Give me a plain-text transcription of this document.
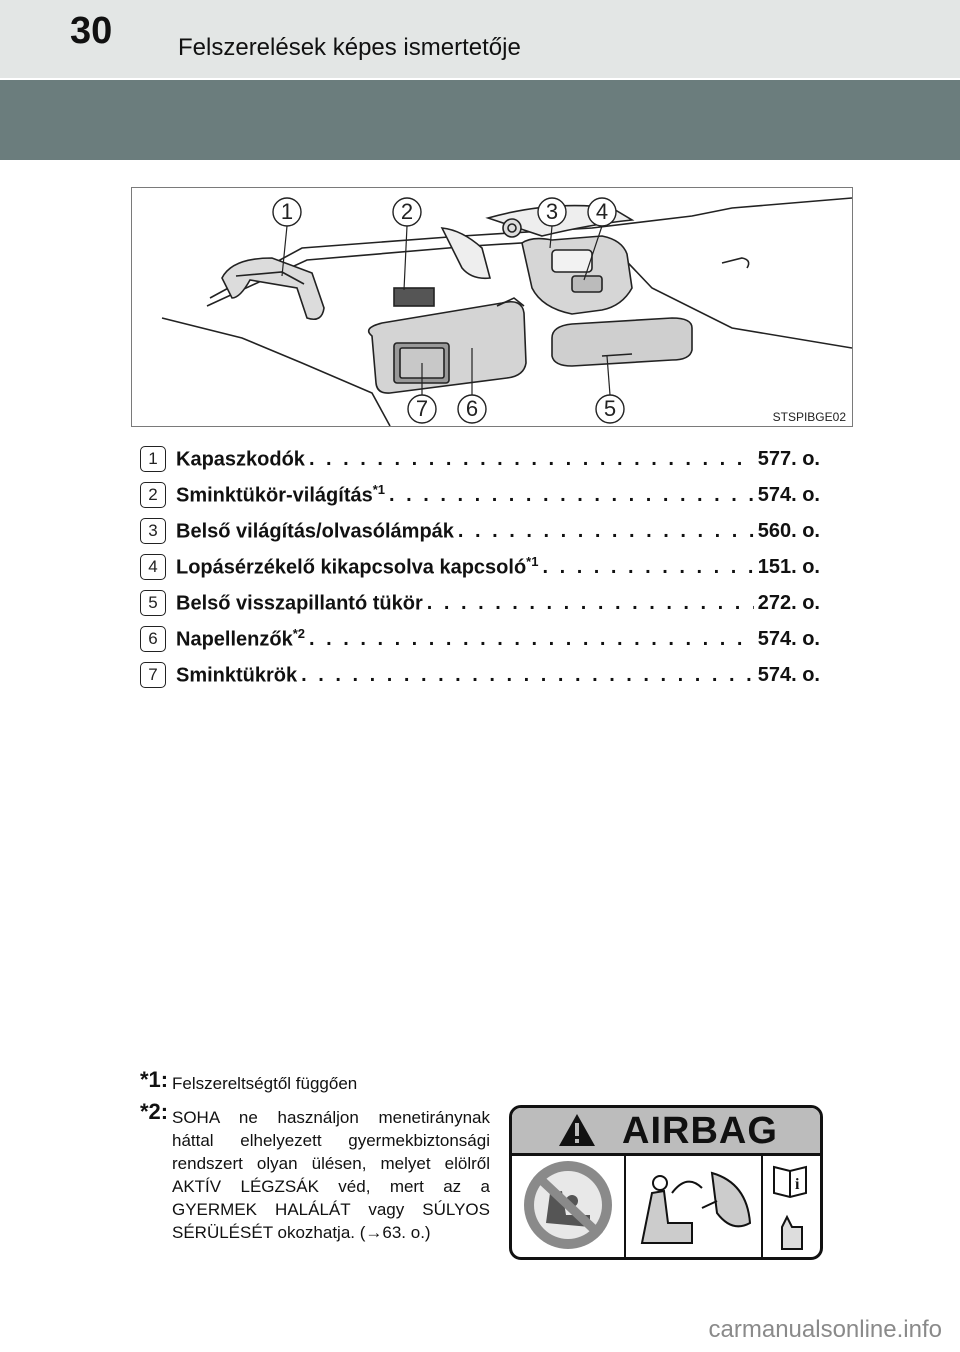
30	Felszerelések képes ismertetője
1	2	3 4
7 6	5	STSPIBGE02
1 Kapaszkodók . . .	577. o.
2 Sminktükör-világítás$^{*1}$ . . .	574. o.
3 Belső világítás/olvasólámpák . . .	560. o.
4 Lopásérzékelő kikapcsolva kapcsoló$^{*1}$ . . .	151. o.
5 Belső visszapillantó tükör . . .	272. o.
6 Napellenzők$^{*2}$ . . .	574. o.
7 Sminktükrök . . .	574. o.
*1: Felszereltségtől függően
*2: SOHA ne használjon menetiránynak háttal elhelyezett gyermekbiztonsági rendszert olyan ülésen, melyet elölről AKTÍV LÉGZSÁK véd, mert az a GYERMEK HALÁLÁT vagy SÚLYOS SÉRÜLÉSÉT okozhatja. (→63. o.)
AIRBAG
i
carmanualsonline.info
